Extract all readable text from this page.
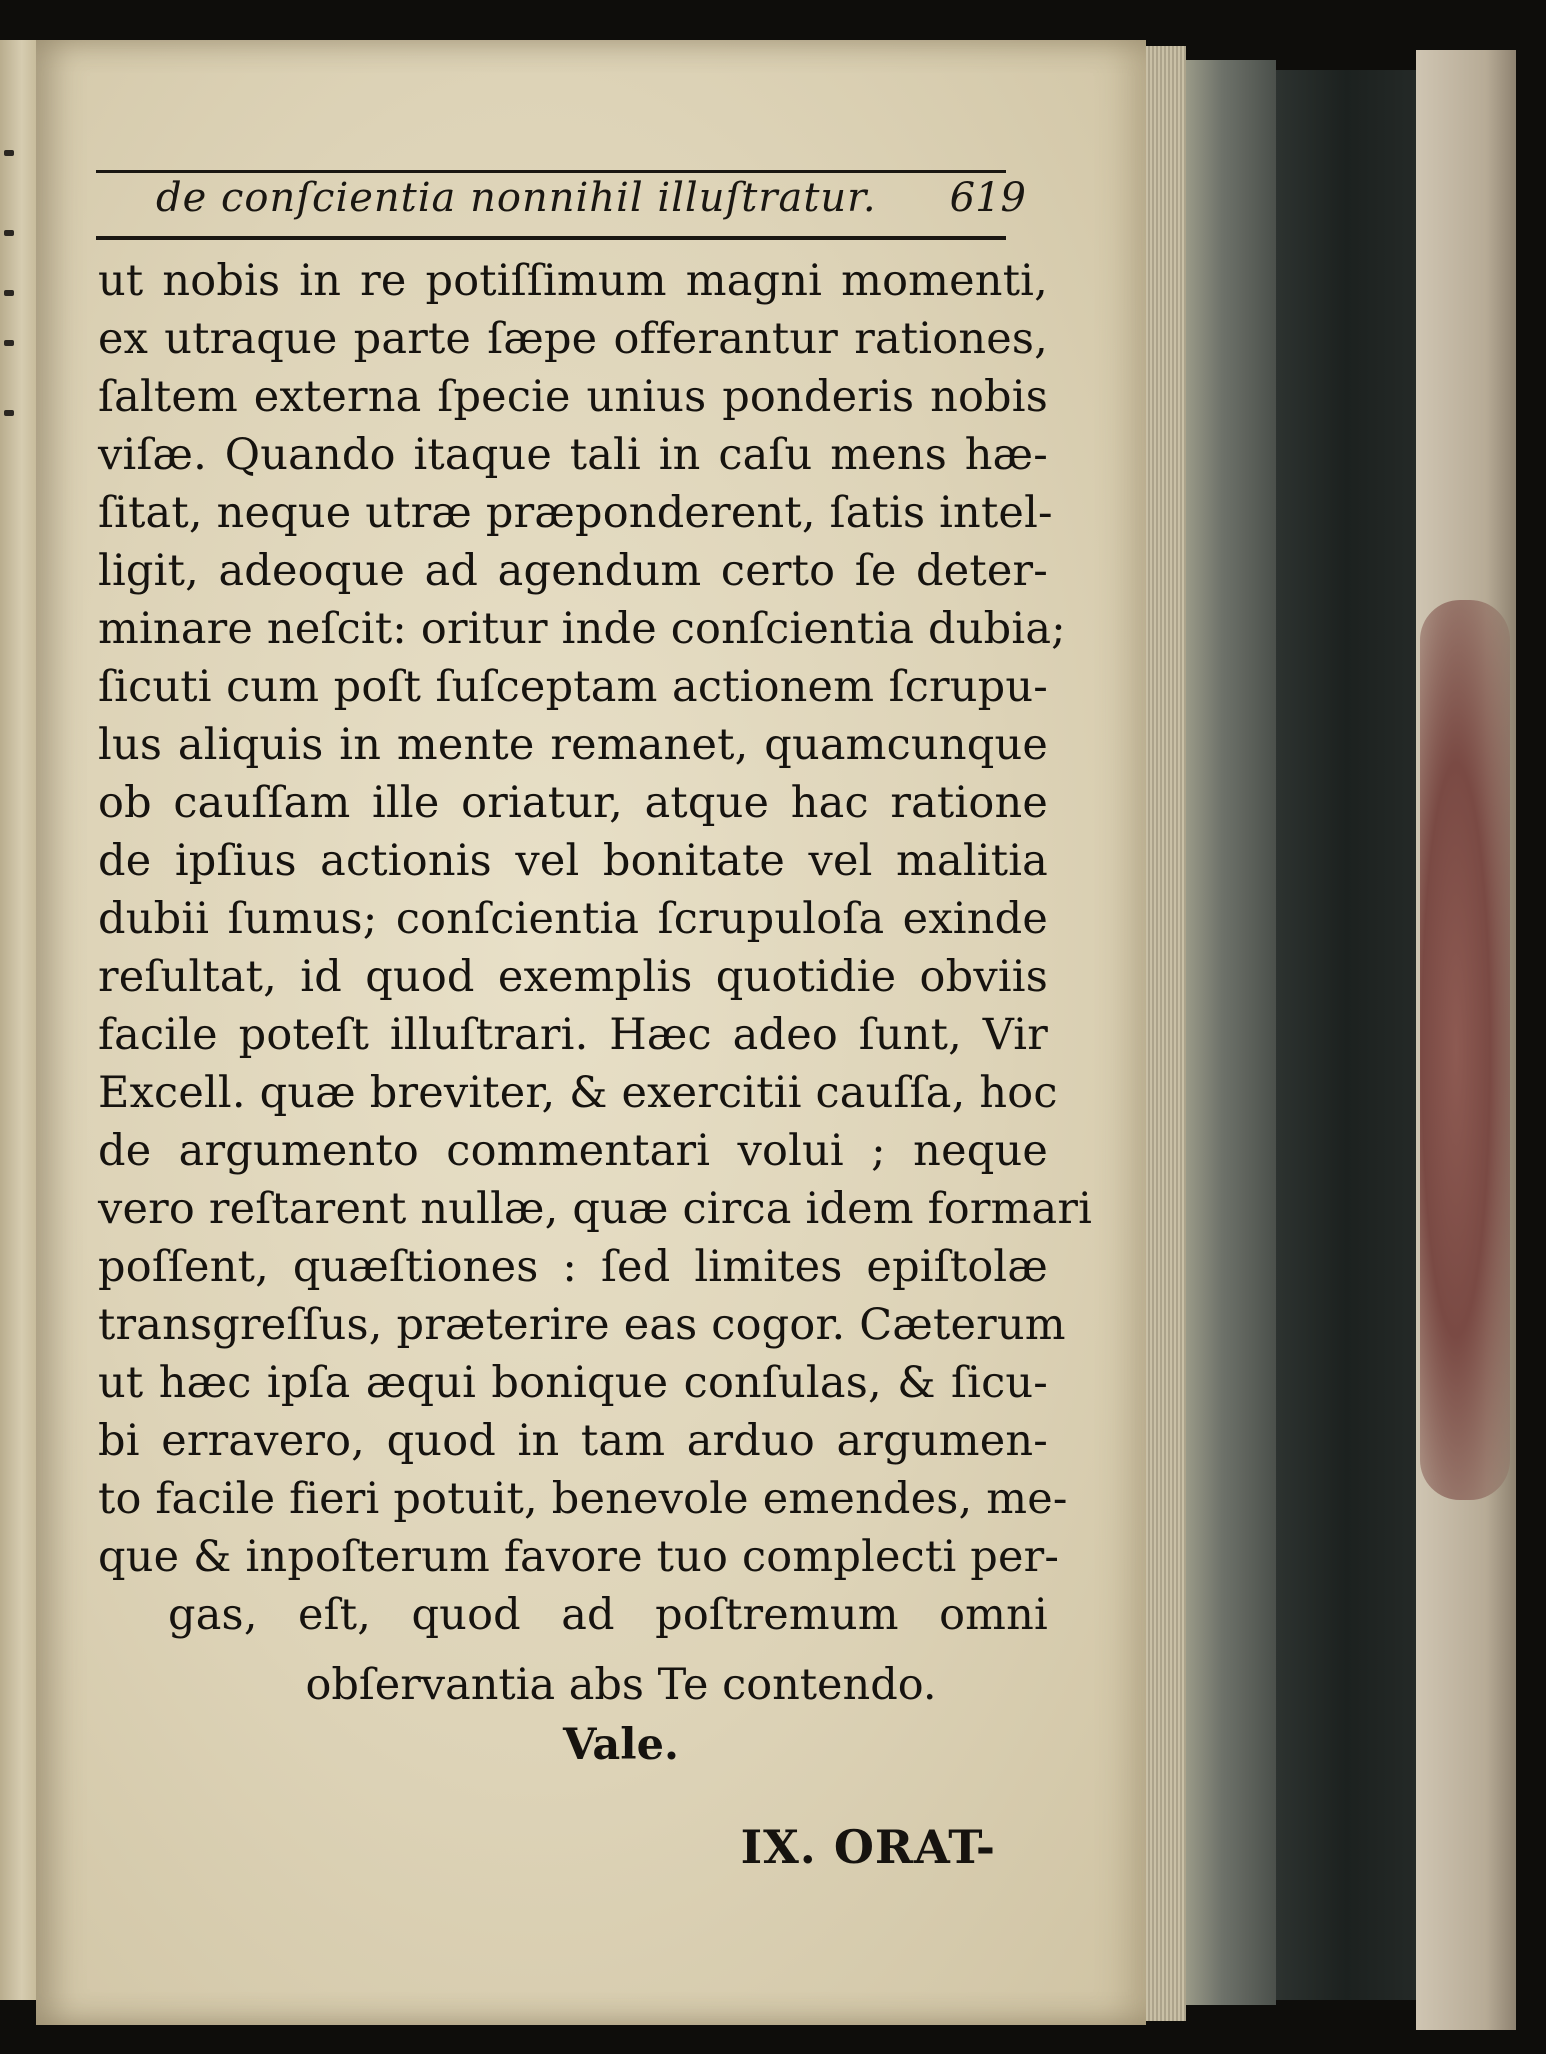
de conſcientia nonnihil illuſtratur. 619
ut nobis in re potiſſimum magni momenti,
ex utraque parte ſæpe offerantur rationes,
ſaltem externa ſpecie unius ponderis nobis
viſæ. Quando itaque tali in caſu mens hæ-
ſitat, neque utræ præponderent, ſatis intel-
ligit, adeoque ad agendum certo ſe deter-
minare neſcit: oritur inde conſcientia dubia;
ſicuti cum poſt ſuſceptam actionem ſcrupu-
lus aliquis in mente remanet, quamcunque
ob cauſſam ille oriatur, atque hac ratione
de ipſius actionis vel bonitate vel malitia
dubii ſumus; conſcientia ſcrupuloſa exinde
reſultat, id quod exemplis quotidie obviis
facile poteſt illuſtrari. Hæc adeo ſunt, Vir
Excell. quæ breviter, & exercitii cauſſa, hoc
de argumento commentari volui ; neque
vero reſtarent nullæ, quæ circa idem formari
poſſent, quæſtiones : ſed limites epiſtolæ
transgreſſus, præterire eas cogor. Cæterum
ut hæc ipſa æqui bonique conſulas, & ſicu-
bi erravero, quod in tam arduo argumen-
to facile fieri potuit, benevole emendes, me-
que & inpoſterum favore tuo complecti per-
gas, eſt, quod ad poſtremum omni
obſervantia abs Te contendo.
Vale.
IX. ORAT-
